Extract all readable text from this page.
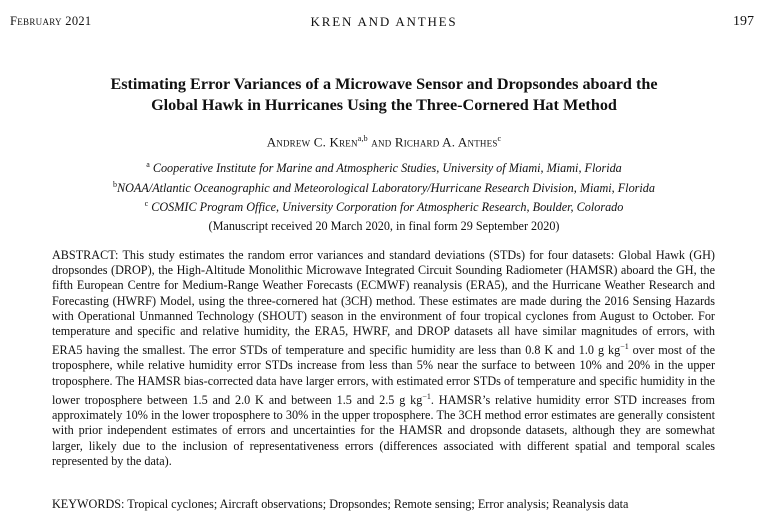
February 2021	KREN AND ANTHES	197
Estimating Error Variances of a Microwave Sensor and Dropsondes aboard the
Global Hawk in Hurricanes Using the Three-Cornered Hat Method
Andrew C. Kren$^{a,b}$ and Richard A. Anthes$^c$
$^a$ Cooperative Institute for Marine and Atmospheric Studies, University of Miami, Miami, Florida
$^b$NOAA/Atlantic Oceanographic and Meteorological Laboratory/Hurricane Research Division, Miami, Florida
$^c$ COSMIC Program Office, University Corporation for Atmospheric Research, Boulder, Colorado
(Manuscript received 20 March 2020, in final form 29 September 2020)
ABSTRACT: This study estimates the random error variances and standard deviations (STDs) for four datasets: Global Hawk (GH) dropsondes (DROP), the High-Altitude Monolithic Microwave Integrated Circuit Sounding Radiometer (HAMSR) aboard the GH, the fifth European Centre for Medium-Range Weather Forecasts (ECMWF) reanalysis (ERA5), and the Hurricane Weather Research and Forecasting (HWRF) Model, using the three-cornered hat (3CH) method. These estimates are made during the 2016 Sensing Hazards with Operational Unmanned Technology (SHOUT) season in the environment of four tropical cyclones from August to October. For temperature and specific and relative humidity, the ERA5, HWRF, and DROP datasets all have similar magnitudes of errors, with ERA5 having the smallest. The error STDs of temperature and specific humidity are less than 0.8 K and 1.0 g $kg^{-1}$ over most of the troposphere, while relative humidity error STDs increase from less than 5% near the surface to between 10% and 20% in the upper troposphere. The HAMSR bias-corrected data have larger errors, with estimated error STDs of temperature and specific humidity in the lower troposphere between 1.5 and 2.0 K and between 1.5 and 2.5 g $kg^{-1}$. HAMSR’s relative humidity error STD increases from approximately 10% in the lower troposphere to 30% in the upper troposphere. The 3CH method error estimates are generally consistent with prior independent estimates of errors and uncertainties for the HAMSR and dropsonde datasets, although they are somewhat larger, likely due to the inclusion of representativeness errors (differences associated with different spatial and temporal scales represented by the data).
KEYWORDS: Tropical cyclones; Aircraft observations; Dropsondes; Remote sensing; Error analysis; Reanalysis data
